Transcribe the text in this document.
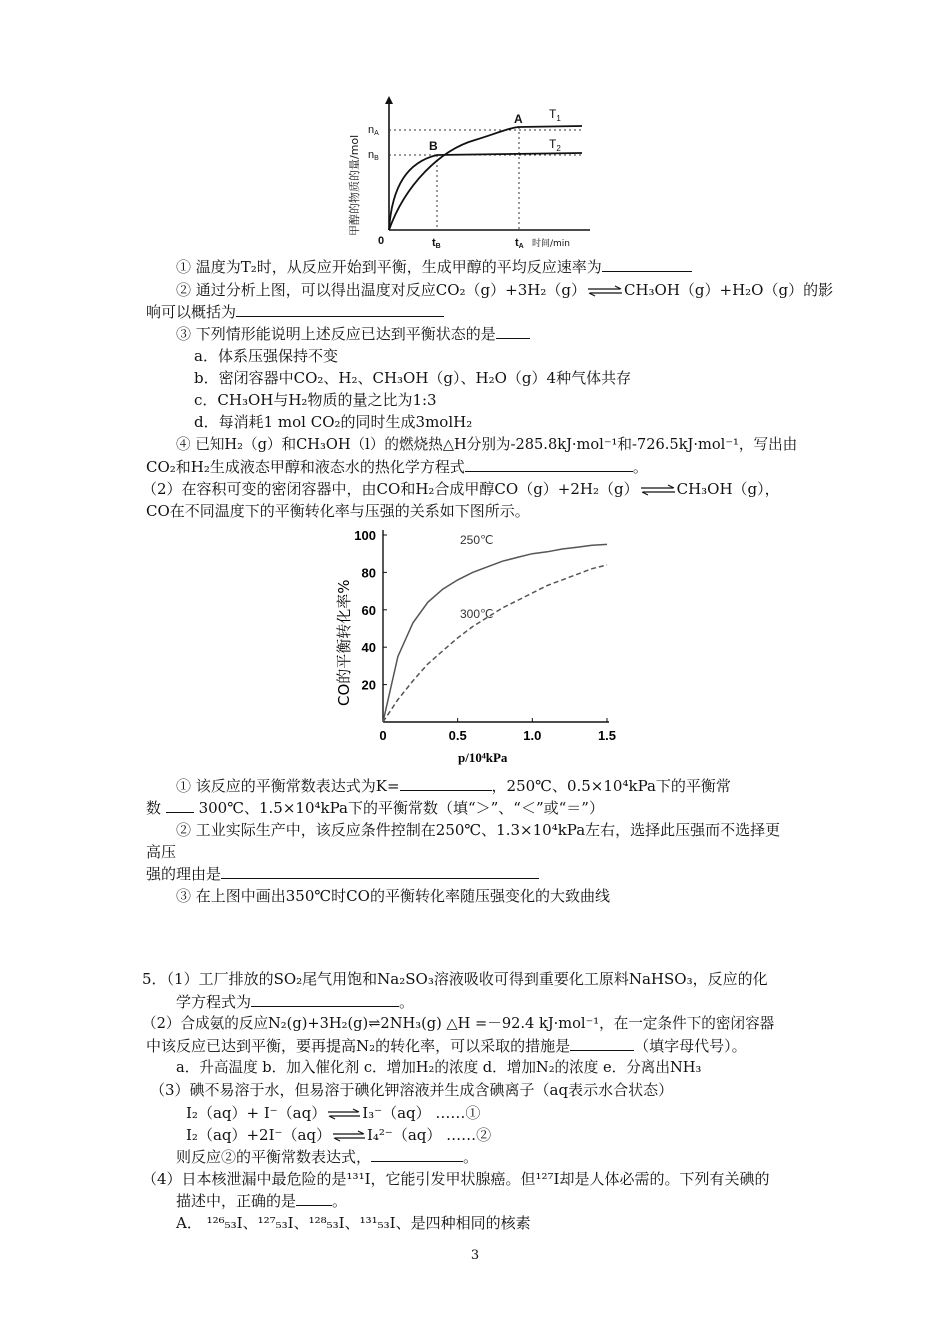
甲醇的物质的量/mol
nA
nB
0	tB	tA 时间/min
A
B
$T_1$
$T_2$
① 温度为T₂时，从反应开始到平衡，生成甲醇的平均反应速率为
② 通过分析上图，可以得出温度对反应CO₂（g）+3H₂（g）⇌CH₃OH（g）+H₂O（g）的影
响可以概括为
③ 下列情形能说明上述反应已达到平衡状态的是
a．体系压强保持不变
b．密闭容器中CO₂、H₂、CH₃OH（g）、H₂O（g）4种气体共存
c．CH₃OH与H₂物质的量之比为1:3
d．每消耗1 mol CO₂的同时生成3molH₂
④ 已知H₂（g）和CH₃OH（l）的燃烧热△H分别为-285.8kJ·mol⁻¹和-726.5kJ·mol⁻¹，写出由
CO₂和H₂生成液态甲醇和液态水的热化学方程式	。
（2）在容积可变的密闭容器中，由CO和H₂合成甲醇CO（g）+2H₂（g）⇌CH₃OH（g），
CO在不同温度下的平衡转化率与压强的关系如下图所示。
20
40
60
80
100
0	0.5	1.0	1.5
p/10⁴kPa
CO的平衡转化率%
250℃
300℃
① 该反应的平衡常数表达式为K=	，250℃、0.5×10⁴kPa下的平衡常
数	300℃、1.5×10⁴kPa下的平衡常数（填“＞”、“＜”或“＝”）
② 工业实际生产中，该反应条件控制在250℃、1.3×10⁴kPa左右，选择此压强而不选择更
高压
强的理由是
③ 在上图中画出350℃时CO的平衡转化率随压强变化的大致曲线
5．（1）工厂排放的SO₂尾气用饱和Na₂SO₃溶液吸收可得到重要化工原料NaHSO₃，反应的化
学方程式为	。
（2）合成氨的反应N₂(g)+3H₂(g)⇌2NH₃(g) △H =－92.4 kJ·mol⁻¹，在一定条件下的密闭容器
中该反应已达到平衡，要再提高N₂的转化率，可以采取的措施是	（填字母代号）。
a．升高温度 b．加入催化剂 c．增加H₂的浓度 d．增加N₂的浓度 e．分离出NH₃
（3）碘不易溶于水，但易溶于碘化钾溶液并生成含碘离子（aq表示水合状态）
I₂（aq）+ I⁻（aq）⇌I₃⁻（aq） ……①
I₂（aq）+2I⁻（aq）⇌I₄²⁻（aq） ……②
则反应②的平衡常数表达式，	。
（4）日本核泄漏中最危险的是¹³¹I，它能引发甲状腺癌。但¹²⁷I却是人体必需的。下列有关碘的
描述中，正确的是 。
A． ¹²⁶₅₃I、¹²⁷₅₃I、¹²⁸₅₃I、¹³¹₅₃I、是四种相同的核素
3
